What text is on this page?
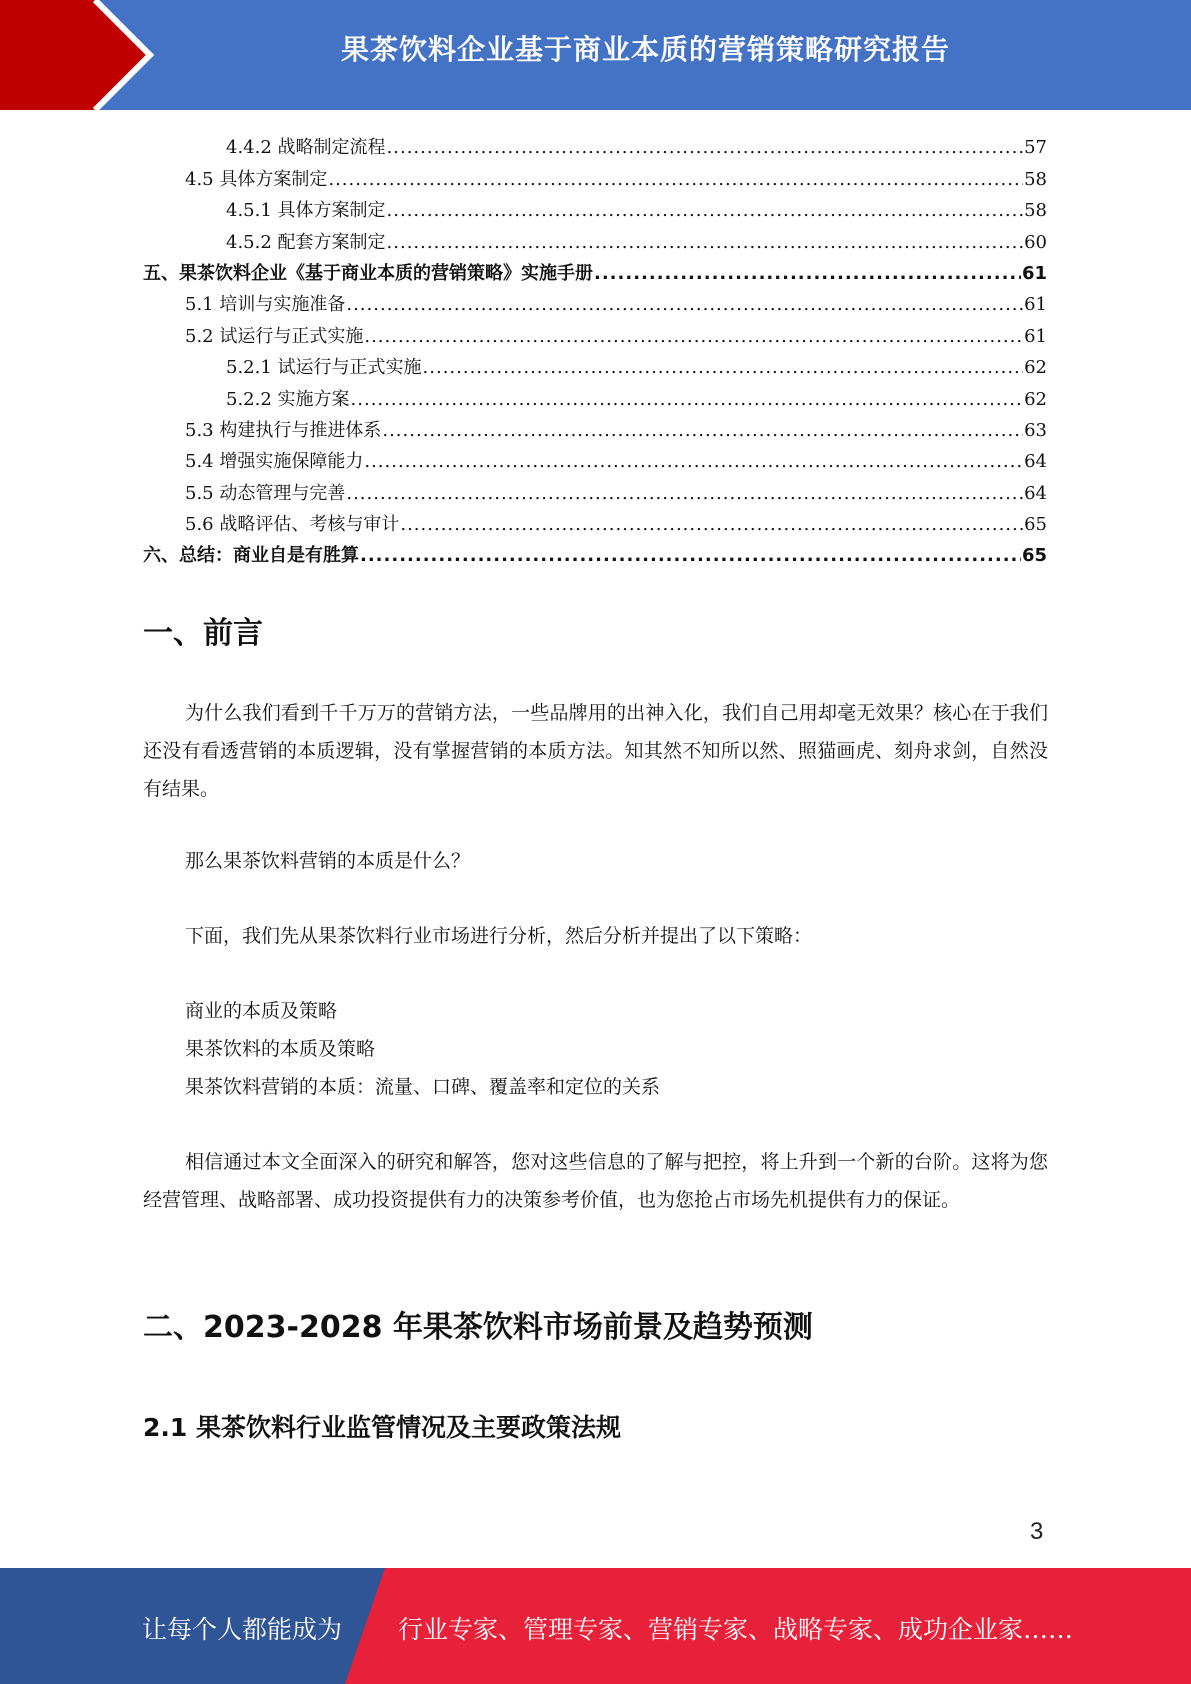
果茶饮料企业基于商业本质的营销策略研究报告
4.4.2 战略制定流程 .....	57
4.5 具体方案制定 .....	58
4.5.1 具体方案制定 .....	58
4.5.2 配套方案制定 .....	60
五、果茶饮料企业《基于商业本质的营销策略》实施手册 .....	61
5.1 培训与实施准备 .....	61
5.2 试运行与正式实施 .....	61
5.2.1 试运行与正式实施 .....	62
5.2.2 实施方案 .....	62
5.3 构建执行与推进体系 .....	63
5.4 增强实施保障能力 .....	64
5.5 动态管理与完善 .....	64
5.6 战略评估、考核与审计 .....	65
六、总结：商业自是有胜算 .....	65
一、前言
为什么我们看到千千万万的营销方法，一些品牌用的出神入化，我们自己用却毫无效果？核心在于我们还没有看透营销的本质逻辑，没有掌握营销的本质方法。知其然不知所以然、照猫画虎、刻舟求剑，自然没有结果。
那么果茶饮料营销的本质是什么？
下面，我们先从果茶饮料行业市场进行分析，然后分析并提出了以下策略：
商业的本质及策略
果茶饮料的本质及策略
果茶饮料营销的本质：流量、口碑、覆盖率和定位的关系
相信通过本文全面深入的研究和解答，您对这些信息的了解与把控，将上升到一个新的台阶。这将为您经营管理、战略部署、成功投资提供有力的决策参考价值，也为您抢占市场先机提供有力的保证。
二、2023-2028 年果茶饮料市场前景及趋势预测
2.1 果茶饮料行业监管情况及主要政策法规
3
让每个人都能成为 行业专家、管理专家、营销专家、战略专家、成功企业家……
